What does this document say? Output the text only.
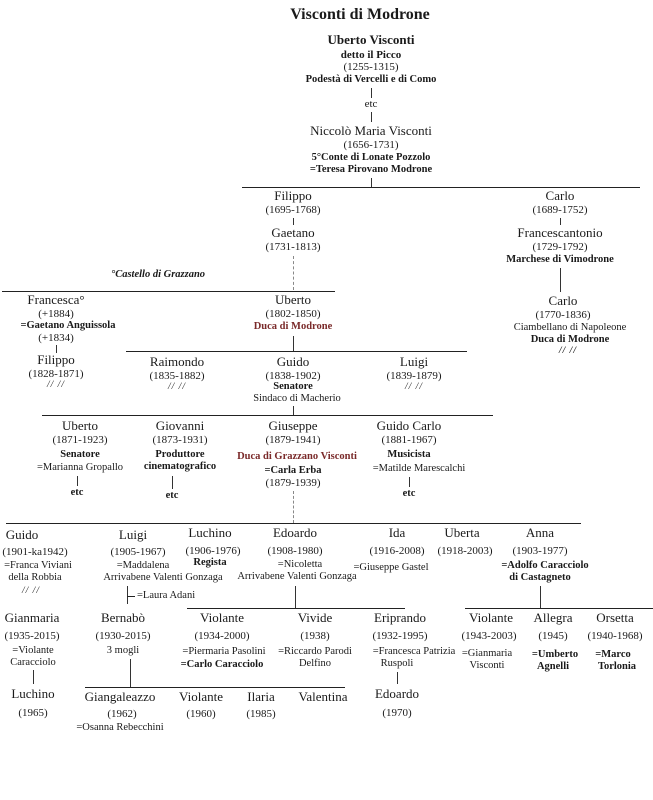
Visconti di Modrone
Uberto Visconti
detto il Picco
(1255-1315)
Podestà di Vercelli e di Como
etc
Niccolò Maria Visconti
(1656-1731)
5°Conte di Lonate Pozzolo
=Teresa Pirovano Modrone
Filippo
(1695-1768)
Gaetano
(1731-1813)
Carlo
(1689-1752)
Francescantonio
(1729-1792)
Marchese di Vimodrone
Carlo
(1770-1836)
Ciambellano di Napoleone
Duca di Modrone
// //
°Castello di Grazzano
Francesca°
(+1884)
=Gaetano Anguissola
(+1834)
Filippo
(1828-1871)
// //
Uberto
(1802-1850)
Duca di Modrone
Raimondo
(1835-1882)
// //
Guido
(1838-1902)
Senatore
Sindaco di Macherio
Luigi
(1839-1879)
// //
Uberto
(1871-1923)
Senatore
=Marianna Gropallo
etc
Giovanni
(1873-1931)
Produttore
cinematografico
etc
Giuseppe
(1879-1941)
Duca di Grazzano Visconti
=Carla Erba
(1879-1939)
Guido Carlo
(1881-1967)
Musicista
=Matilde Marescalchi
etc
Guido
(1901-ka1942)
=Franca Viviani
della Robbia
// //
Luigi
(1905-1967)
=Maddalena
Arrivabene Valenti Gonzaga
=Laura Adani
Luchino
(1906-1976)
Regista
Edoardo
(1908-1980)
=Nicoletta
Arrivabene Valenti Gonzaga
Ida
(1916-2008)
=Giuseppe Gastel
Uberta
(1918-2003)
Anna
(1903-1977)
=Adolfo Caracciolo
di Castagneto
Gianmaria
(1935-2015)
=Violante
Caracciolo
Luchino
(1965)
Bernabò
(1930-2015)
3 mogli
Violante
(1934-2000)
=Piermaria Pasolini
=Carlo Caracciolo
Vivide
(1938)
=Riccardo Parodi
Delfino
Eriprando
(1932-1995)
=Francesca Patrizia
Ruspoli
Edoardo
(1970)
Violante
(1943-2003)
=Gianmaria
Visconti
Allegra
(1945)
=Umberto
Agnelli
Orsetta
(1940-1968)
=Marco
Torlonia
Giangaleazzo
(1962)
=Osanna Rebecchini
Violante
(1960)
Ilaria
(1985)
Valentina
